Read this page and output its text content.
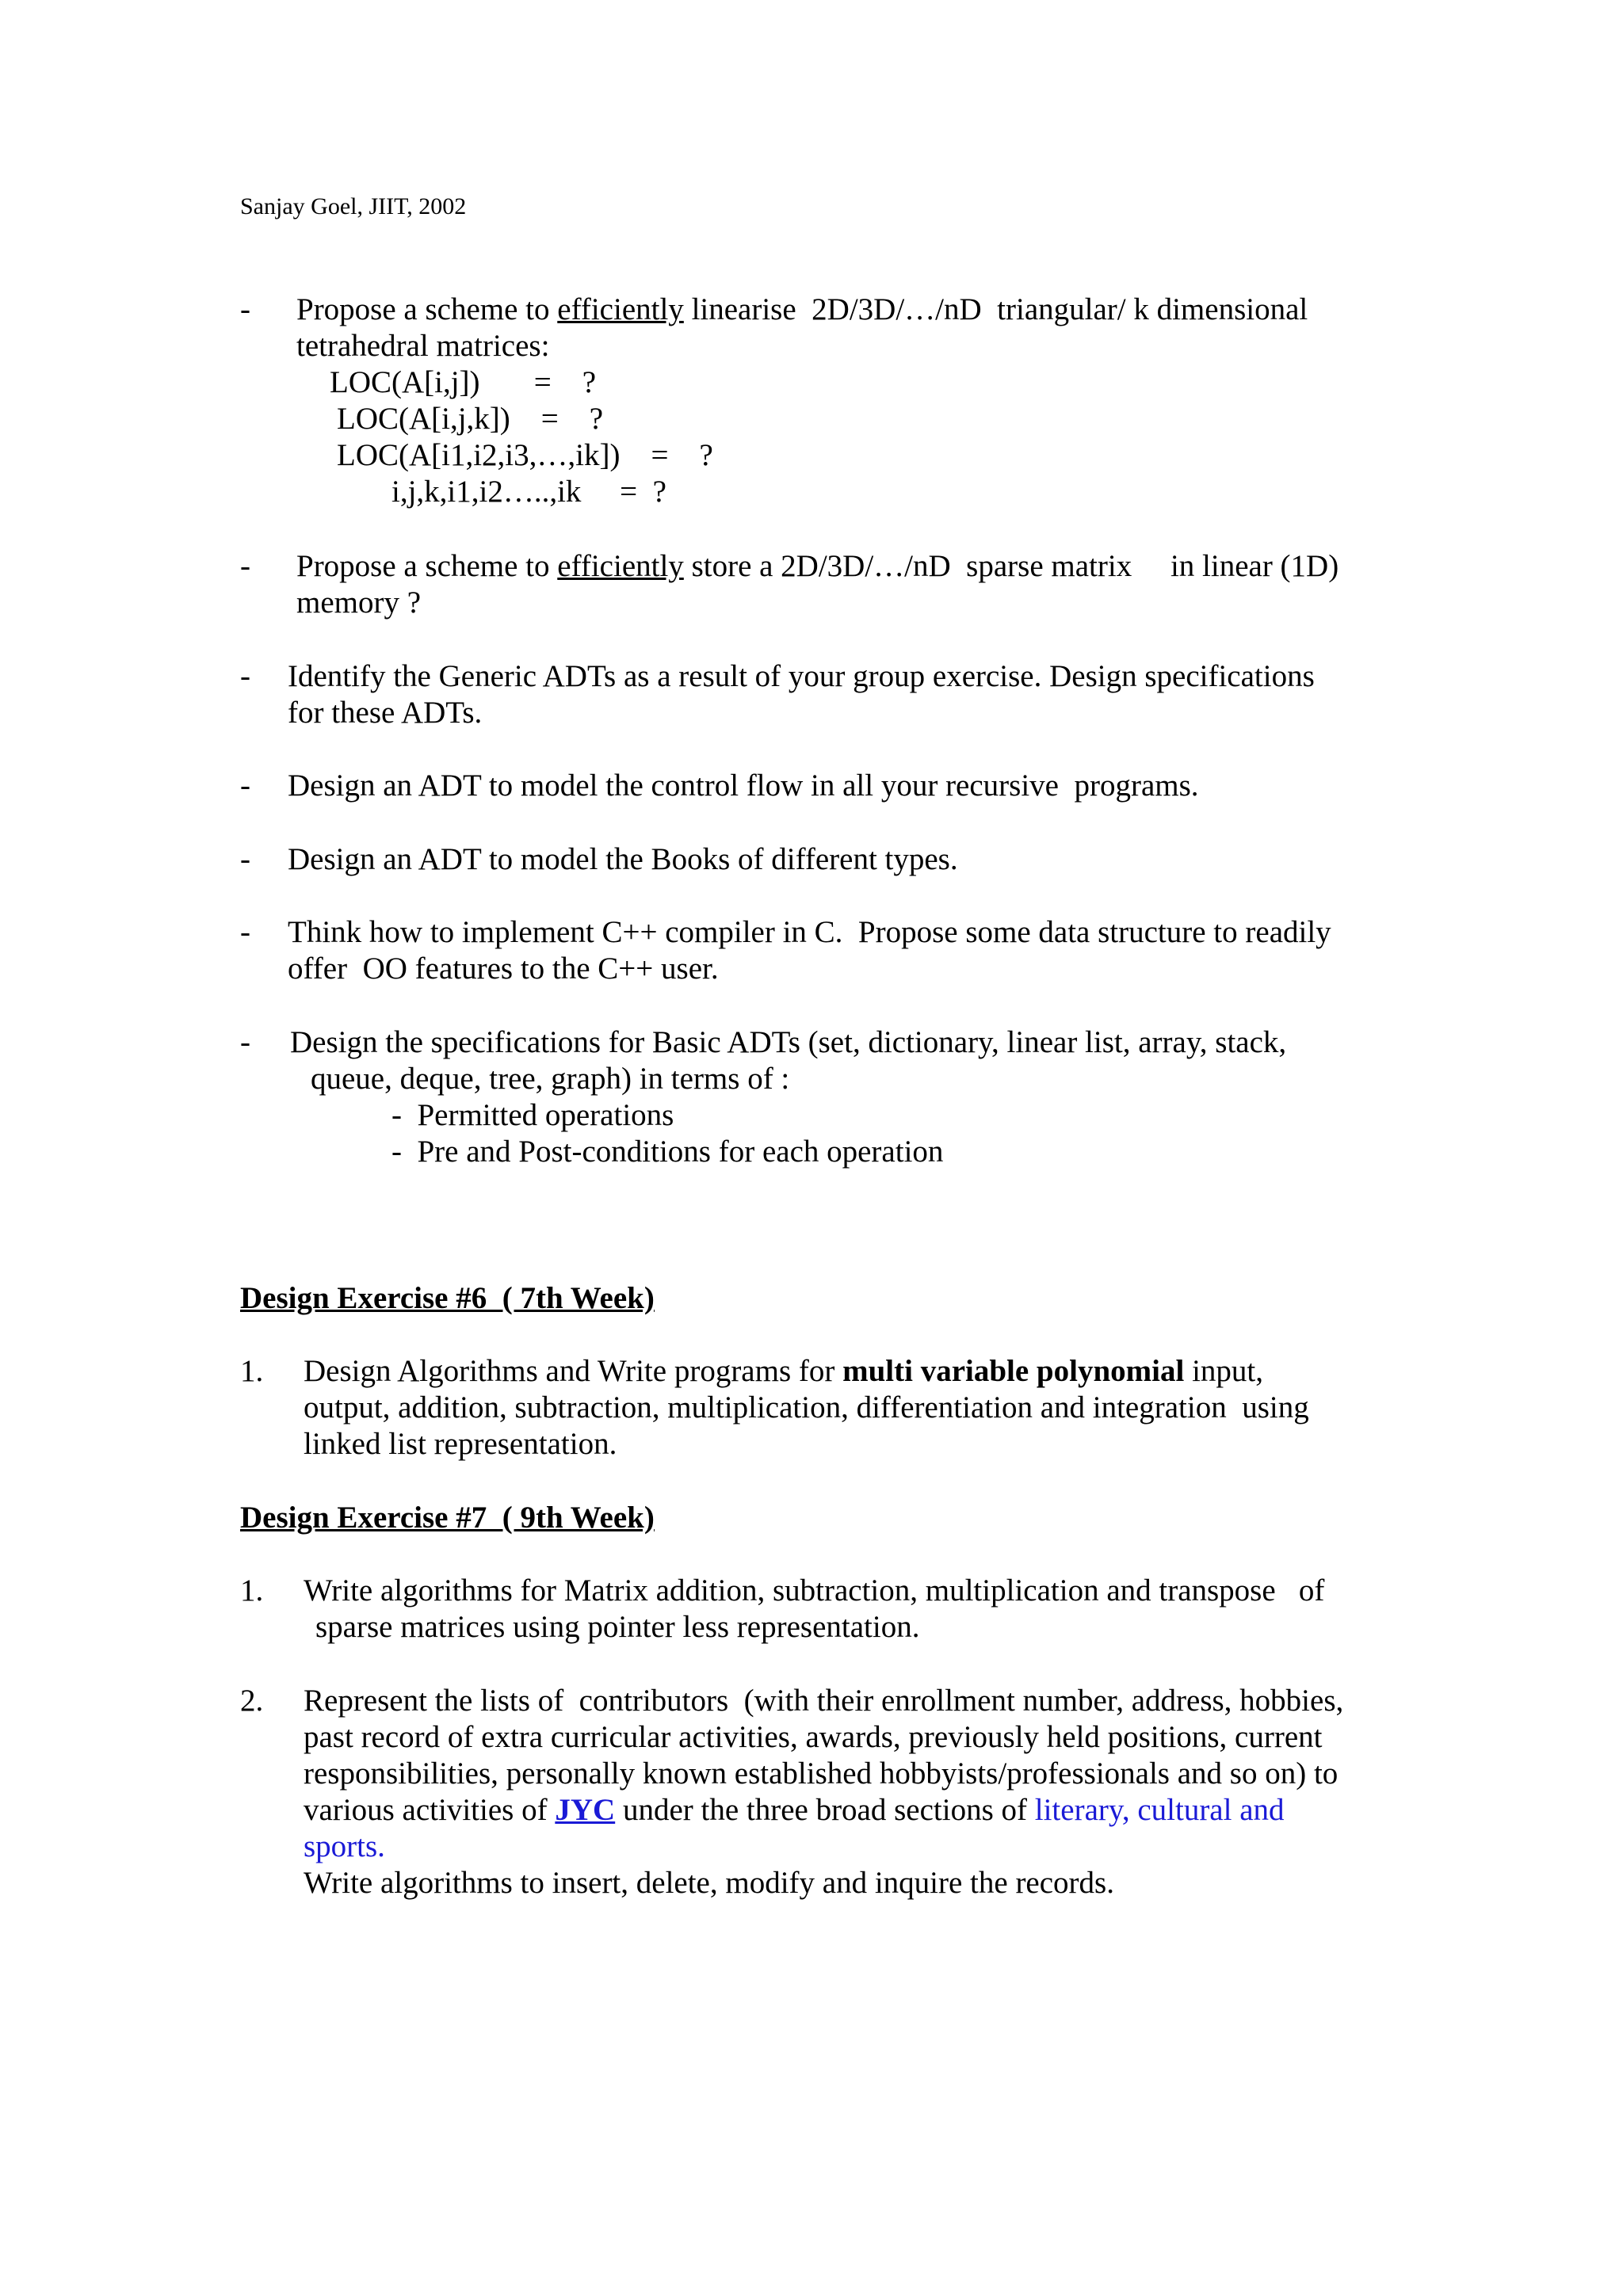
Sanjay Goel, JIIT, 2002
- Propose a scheme to efficiently linearise  2D/3D/…/nD  triangular/ k dimensional
tetrahedral matrices:
LOC(A[i,j])       =    ?
LOC(A[i,j,k])    =    ?
LOC(A[i1,i2,i3,…,ik])    =    ?
i,j,k,i1,i2…..,ik     =  ?
- Propose a scheme to efficiently store a 2D/3D/…/nD  sparse matrix     in linear (1D)
memory ?
- Identify the Generic ADTs as a result of your group exercise. Design specifications
for these ADTs.
- Design an ADT to model the control flow in all your recursive  programs.
- Design an ADT to model the Books of different types.
- Think how to implement C++ compiler in C.  Propose some data structure to readily
offer  OO features to the C++ user.
- Design the specifications for Basic ADTs (set, dictionary, linear list, array, stack,
queue, deque, tree, graph) in terms of :
-  Permitted operations
-  Pre and Post-conditions for each operation
Design Exercise #6  ( 7th Week)
1. Design Algorithms and Write programs for multi variable polynomial input,
output, addition, subtraction, multiplication, differentiation and integration  using
linked list representation.
Design Exercise #7  ( 9th Week)
1. Write algorithms for Matrix addition, subtraction, multiplication and transpose   of
sparse matrices using pointer less representation.
2. Represent the lists of  contributors  (with their enrollment number, address, hobbies,
past record of extra curricular activities, awards, previously held positions, current
responsibilities, personally known established hobbyists/professionals and so on) to
various activities of JYC under the three broad sections of literary, cultural and
sports.
Write algorithms to insert, delete, modify and inquire the records.
